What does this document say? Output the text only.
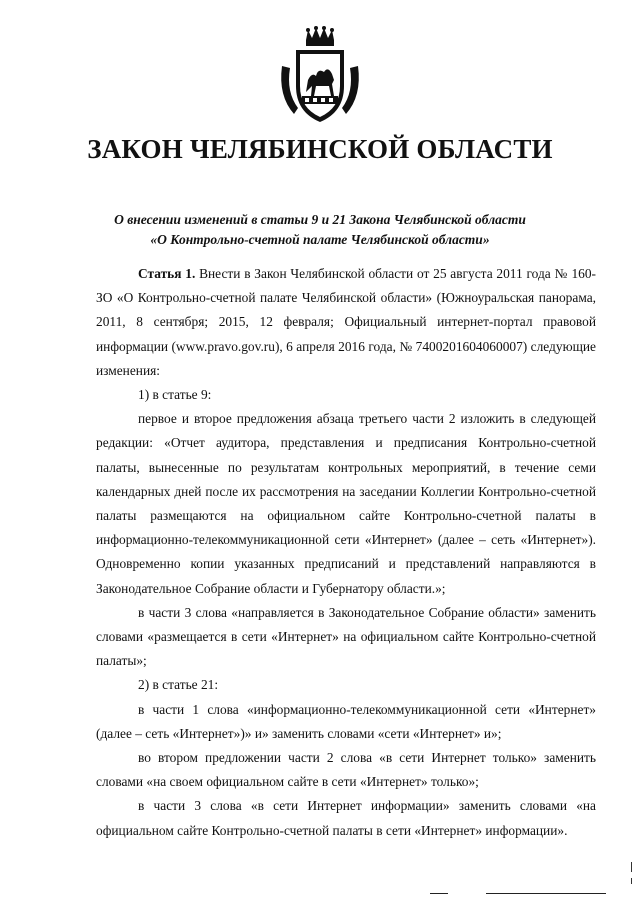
ЗАКОН ЧЕЛЯБИНСКОЙ ОБЛАСТИ
О внесении изменений в статьи 9 и 21 Закона Челябинской области
«О Контрольно-счетной палате Челябинской области»

Статья 1. Внести в Закон Челябинской области от 25 августа 2011 года № 160-ЗО «О Контрольно-счетной палате Челябинской области» (Южноуральская панорама, 2011, 8 сентября; 2015, 12 февраля; Официальный интернет-портал правовой информации (www.pravo.gov.ru), 6 апреля 2016 года, № 7400201604060007) следующие изменения:

1) в статье 9:

первое и второе предложения абзаца третьего части 2 изложить в следующей редакции: «Отчет аудитора, представления и предписания Контрольно-счетной палаты, вынесенные по результатам контрольных мероприятий, в течение семи календарных дней после их рассмотрения на заседании Коллегии Контрольно-счетной палаты размещаются на официальном сайте Контрольно-счетной палаты в информационно-телекоммуникационной сети «Интернет» (далее – сеть «Интернет»). Одновременно копии указанных предписаний и представлений направляются в Законодательное Собрание области и Губернатору области.»;

в части 3 слова «направляется в Законодательное Собрание области» заменить словами «размещается в сети «Интернет» на официальном сайте Контрольно-счетной палаты»;

2) в статье 21:

в части 1 слова «информационно-телекоммуникационной сети «Интернет» (далее – сеть «Интернет»)» и» заменить словами «сети «Интернет» и»;

во втором предложении части 2 слова «в сети Интернет только» заменить словами «на своем официальном сайте в сети «Интернет» только»;

в части 3 слова «в сети Интернет информации» заменить словами «на официальном сайте Контрольно-счетной палаты в сети «Интернет» информации».
